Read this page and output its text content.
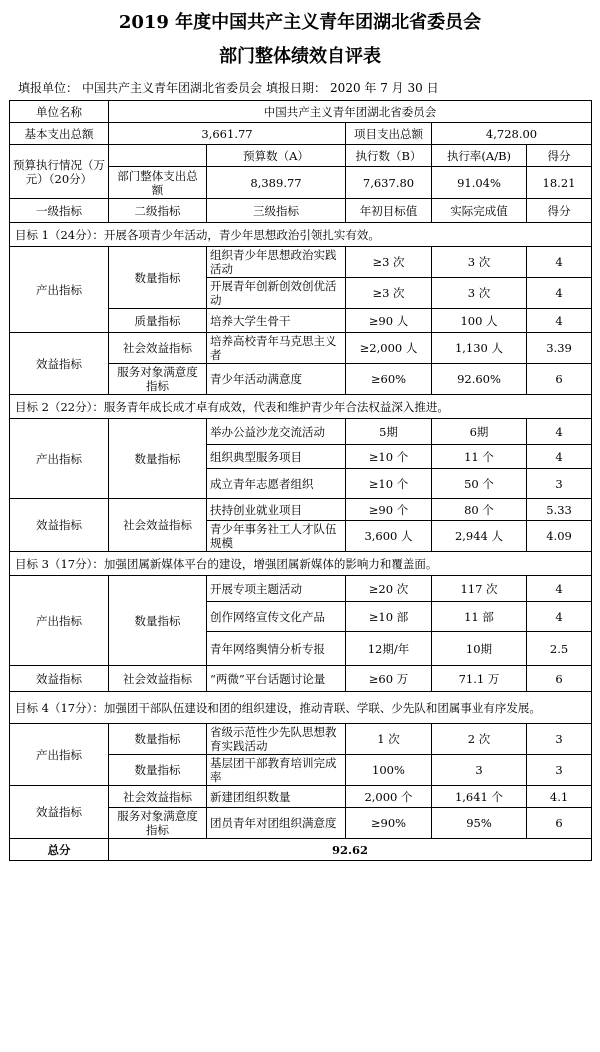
2019 年度中国共产主义青年团湖北省委员会
部门整体绩效自评表
填报单位： 中国共产主义青年团湖北省委员会 填报日期： 2020 年 7 月 30 日
单位名称	中国共产主义青年团湖北省委员会				
基本支出总额	3,661.77		项目支出总额	4,728.00	
预算执行情况（万元）（20分）		预算数（A）	执行数（B）	执行率(A/B)	得分
	部门整体支出总额	8,389.77	7,637.80	91.04%	18.21
一级指标	二级指标	三级指标	年初目标值	实际完成值	得分
目标 1（24分）：开展各项青少年活动，青少年思想政治引领扎实有效。					
产出指标	数量指标	组织青少年思想政治实践活动	≥3 次	3 次	4
		开展青年创新创效创优活动	≥3 次	3 次	4
	质量指标	培养大学生骨干	≥90 人	100 人	4
效益指标	社会效益指标	培养高校青年马克思主义者	≥2,000 人	1,130 人	3.39
	服务对象满意度指标	青少年活动满意度	≥60%	92.60%	6
目标 2（22分）：服务青年成长成才卓有成效，代表和维护青少年合法权益深入推进。					
产出指标	数量指标	举办公益沙龙交流活动	5期	6期	4
		组织典型服务项目	≥10 个	11 个	4
		成立青年志愿者组织	≥10 个	50 个	3
效益指标	社会效益指标	扶持创业就业项目	≥90 个	80 个	5.33
		青少年事务社工人才队伍规模	3,600 人	2,944 人	4.09
目标 3（17分）：加强团属新媒体平台的建设，增强团属新媒体的影响力和覆盖面。					
产出指标	数量指标	开展专项主题活动	≥20 次	117 次	4
		创作网络宣传文化产品	≥10 部	11 部	4
		青年网络舆情分析专报	12期/年	10期	2.5
效益指标	社会效益指标	“两微”平台话题讨论量	≥60 万	71.1 万	6
目标 4（17分）：加强团干部队伍建设和团的组织建设，推动青联、学联、少先队和团属事业有序发展。					
产出指标	数量指标	省级示范性少先队思想教育实践活动	1 次	2 次	3
	数量指标	基层团干部教育培训完成率	100%	3	3
效益指标	社会效益指标	新建团组织数量	2,000 个	1,641 个	4.1
	服务对象满意度指标	团员青年对团组织满意度	≥90%	95%	6
总分	92.62				
